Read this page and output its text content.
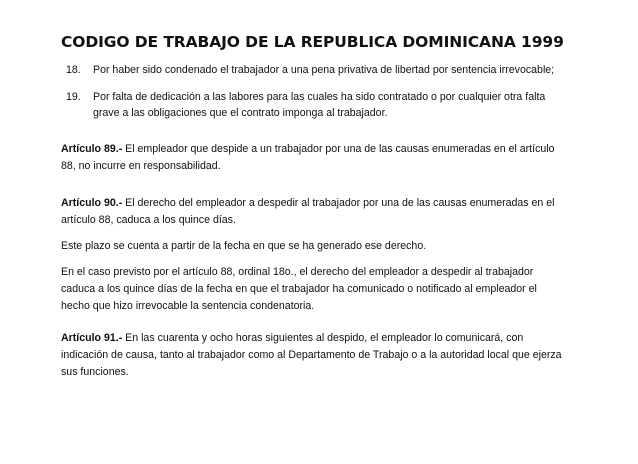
CODIGO DE TRABAJO DE LA REPUBLICA DOMINICANA 1999
18. Por haber sido condenado el trabajador a una pena privativa de libertad por sentencia irrevocable;
19. Por falta de dedicación a las labores para las cuales ha sido contratado o por cualquier otra falta
grave a las obligaciones que el contrato imponga al trabajador.

Artículo 89.- El empleador que despide a un trabajador por una de las causas enumeradas en el artículo
88, no incurre en responsabilidad.

Artículo 90.- El derecho del empleador a despedir al trabajador por una de las causas enumeradas en el
artículo 88, caduca a los quince días.

Este plazo se cuenta a partir de la fecha en que se ha generado ese derecho.

En el caso previsto por el artículo 88, ordinal 18o., el derecho del empleador a despedir al trabajador
caduca a los quince días de la fecha en que el trabajador ha comunicado o notificado al empleador el
hecho que hizo irrevocable la sentencia condenatoria.

Artículo 91.- En las cuarenta y ocho horas siguientes al despido, el empleador lo comunicará, con
indicación de causa, tanto al trabajador como al Departamento de Trabajo o a la autoridad local que ejerza
sus funciones.
